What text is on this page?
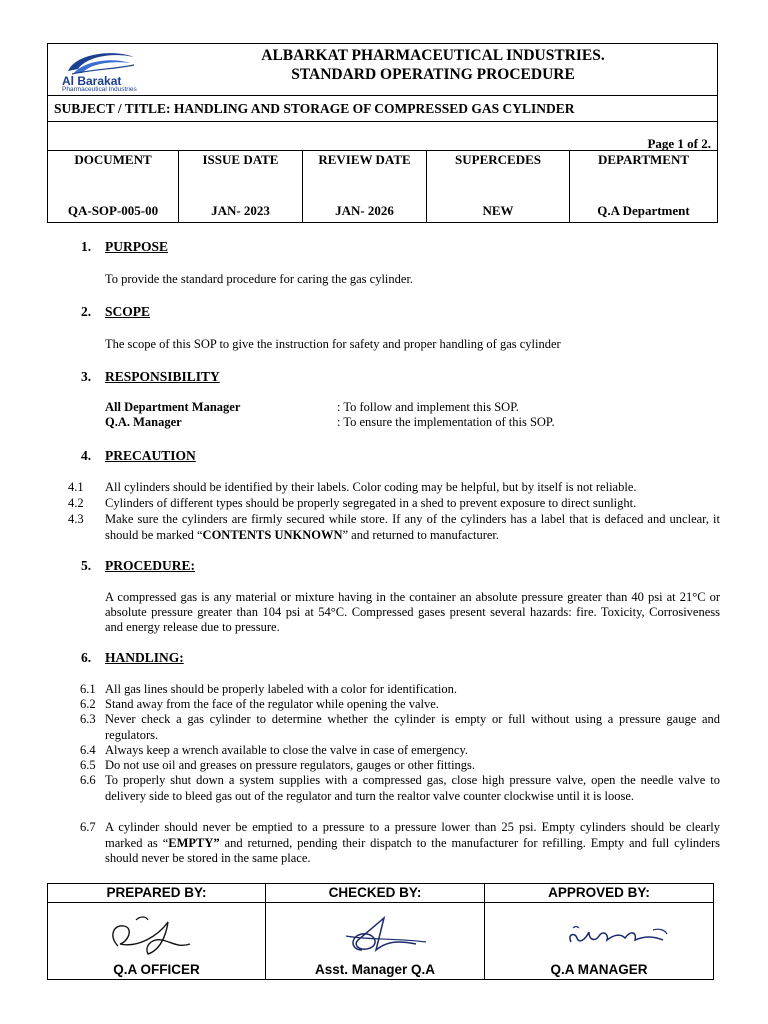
Al Barakat
Pharmaceutical Industries
ALBARKAT PHARMACEUTICAL INDUSTRIES.
STANDARD OPERATING PROCEDURE
SUBJECT / TITLE: HANDLING AND STORAGE OF COMPRESSED GAS CYLINDER
Page 1 of 2.
DOCUMENT
QA-SOP-005-00
ISSUE DATE
JAN- 2023
REVIEW DATE
JAN- 2026
SUPERCEDES
NEW
DEPARTMENT
Q.A Department
1. PURPOSE
To provide the standard procedure for caring the gas cylinder.
2. SCOPE
The scope of this SOP to give the instruction for safety and proper handling of gas cylinder
3. RESPONSIBILITY
All Department Manager	: To follow and implement this SOP.
Q.A. Manager	: To ensure the implementation of this SOP.
4. PRECAUTION
4.1 All cylinders should be identified by their labels. Color coding may be helpful, but by itself is not reliable.
4.2 Cylinders of different types should be properly segregated in a shed to prevent exposure to direct sunlight.
4.3 Make sure the cylinders are firmly secured while store. If any of the cylinders has a label that is defaced and unclear, it should be marked “CONTENTS UNKNOWN” and returned to manufacturer.
5. PROCEDURE:
A compressed gas is any material or mixture having in the container an absolute pressure greater than 40 psi at 21°C or absolute pressure greater than 104 psi at 54°C. Compressed gases present several hazards: fire. Toxicity, Corrosiveness and energy release due to pressure.
6. HANDLING:
6.1 All gas lines should be properly labeled with a color for identification.
6.2 Stand away from the face of the regulator while opening the valve.
6.3 Never check a gas cylinder to determine whether the cylinder is empty or full without using a pressure gauge and regulators.
6.4 Always keep a wrench available to close the valve in case of emergency.
6.5 Do not use oil and greases on pressure regulators, gauges or other fittings.
6.6 To properly shut down a system supplies with a compressed gas, close high pressure valve, open the needle valve to delivery side to bleed gas out of the regulator and turn the realtor valve counter clockwise until it is loose.
6.7 A cylinder should never be emptied to a pressure to a pressure lower than 25 psi. Empty cylinders should be clearly marked as “EMPTY” and returned, pending their dispatch to the manufacturer for refilling. Empty and full cylinders should never be stored in the same place.
PREPARED BY:
Q.A OFFICER
CHECKED BY:
Asst. Manager Q.A
APPROVED BY:
Q.A MANAGER
